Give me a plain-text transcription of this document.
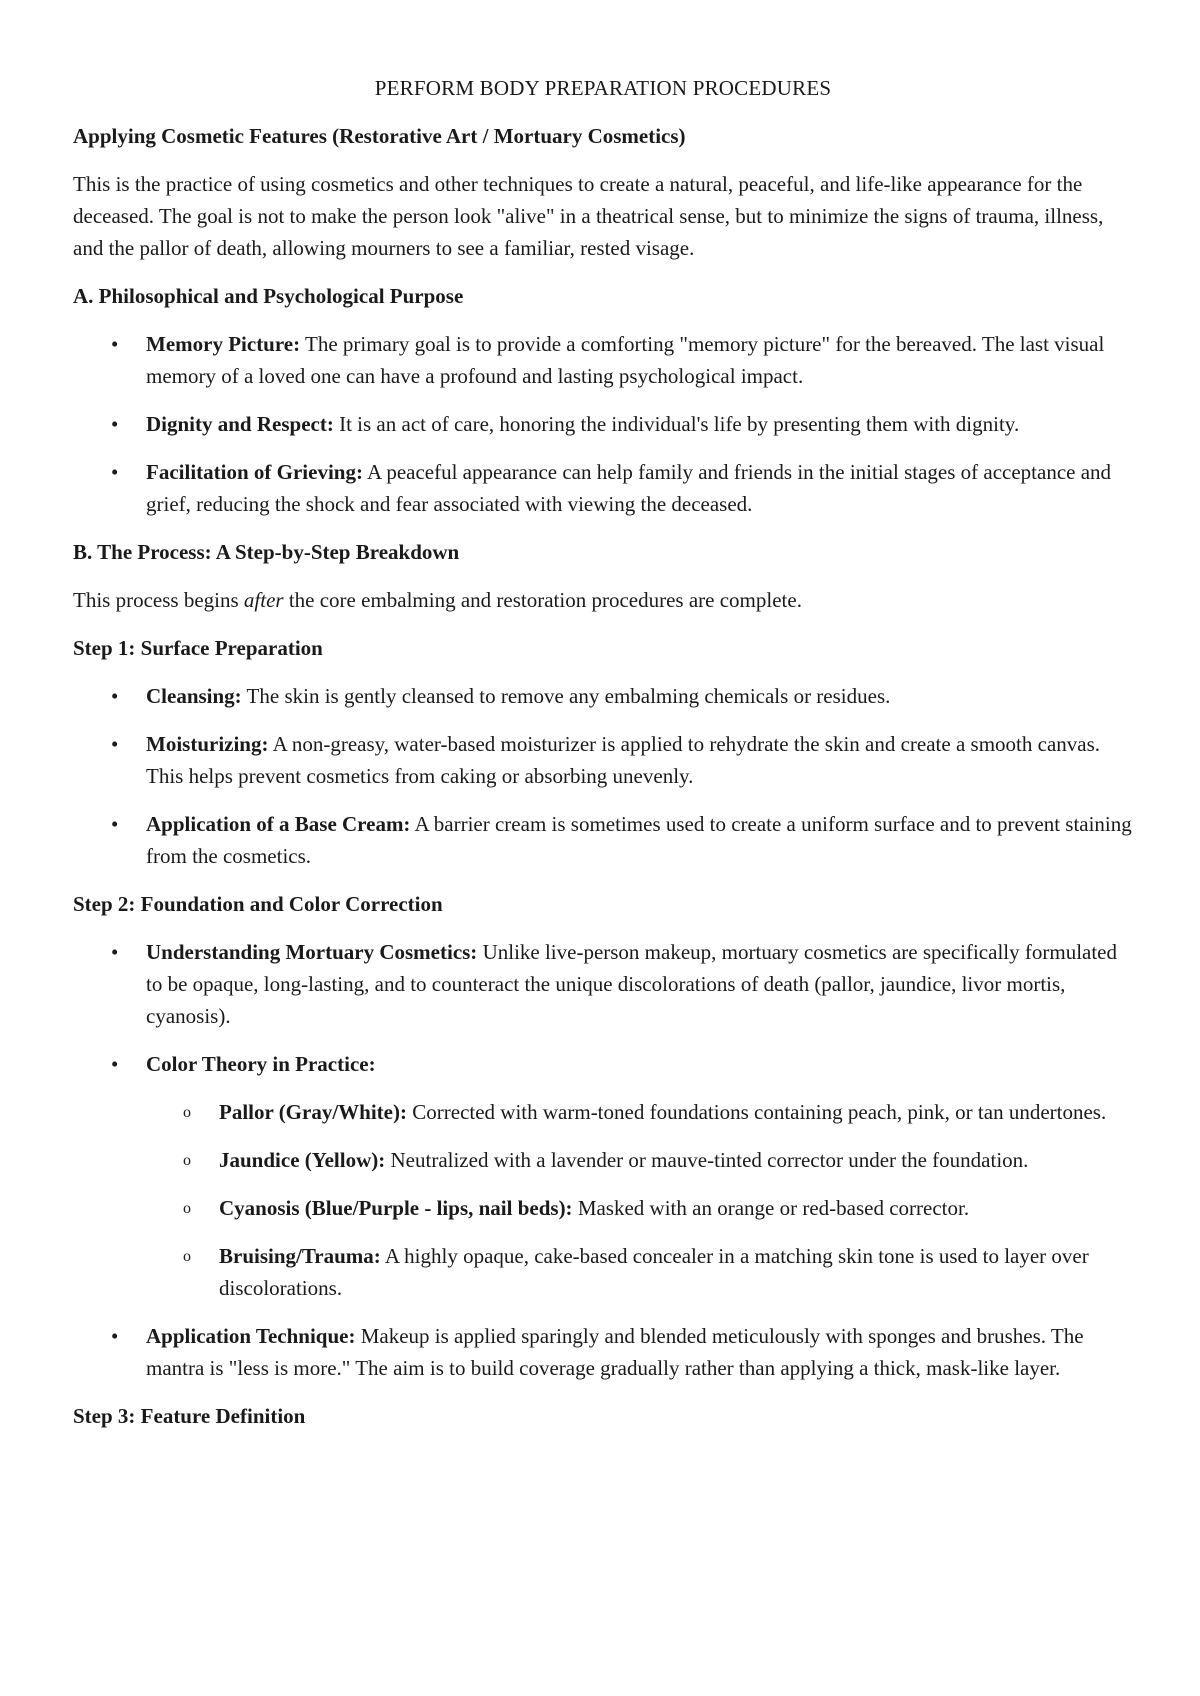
PERFORM BODY PREPARATION PROCEDURES
Applying Cosmetic Features (Restorative Art / Mortuary Cosmetics)

This is the practice of using cosmetics and other techniques to create a natural, peaceful, and life-like appearance for the deceased. The goal is not to make the person look "alive" in a theatrical sense, but to minimize the signs of trauma, illness, and the pallor of death, allowing mourners to see a familiar, rested visage.

A. Philosophical and Psychological Purpose
• Memory Picture: The primary goal is to provide a comforting "memory picture" for the bereaved. The last visual memory of a loved one can have a profound and lasting psychological impact.
• Dignity and Respect: It is an act of care, honoring the individual's life by presenting them with dignity.
• Facilitation of Grieving: A peaceful appearance can help family and friends in the initial stages of acceptance and grief, reducing the shock and fear associated with viewing the deceased.
B. The Process: A Step-by-Step Breakdown

This process begins after the core embalming and restoration procedures are complete.

Step 1: Surface Preparation
• Cleansing: The skin is gently cleansed to remove any embalming chemicals or residues.
• Moisturizing: A non-greasy, water-based moisturizer is applied to rehydrate the skin and create a smooth canvas. This helps prevent cosmetics from caking or absorbing unevenly.
• Application of a Base Cream: A barrier cream is sometimes used to create a uniform surface and to prevent staining from the cosmetics.
Step 2: Foundation and Color Correction
• Understanding Mortuary Cosmetics: Unlike live-person makeup, mortuary cosmetics are specifically formulated to be opaque, long-lasting, and to counteract the unique discolorations of death (pallor, jaundice, livor mortis, cyanosis).
• Color Theory in Practice:
o Pallor (Gray/White): Corrected with warm-toned foundations containing peach, pink, or tan undertones.
o Jaundice (Yellow): Neutralized with a lavender or mauve-tinted corrector under the foundation.
o Cyanosis (Blue/Purple - lips, nail beds): Masked with an orange or red-based corrector.
o Bruising/Trauma: A highly opaque, cake-based concealer in a matching skin tone is used to layer over discolorations.
• Application Technique: Makeup is applied sparingly and blended meticulously with sponges and brushes. The mantra is "less is more." The aim is to build coverage gradually rather than applying a thick, mask-like layer.
Step 3: Feature Definition
